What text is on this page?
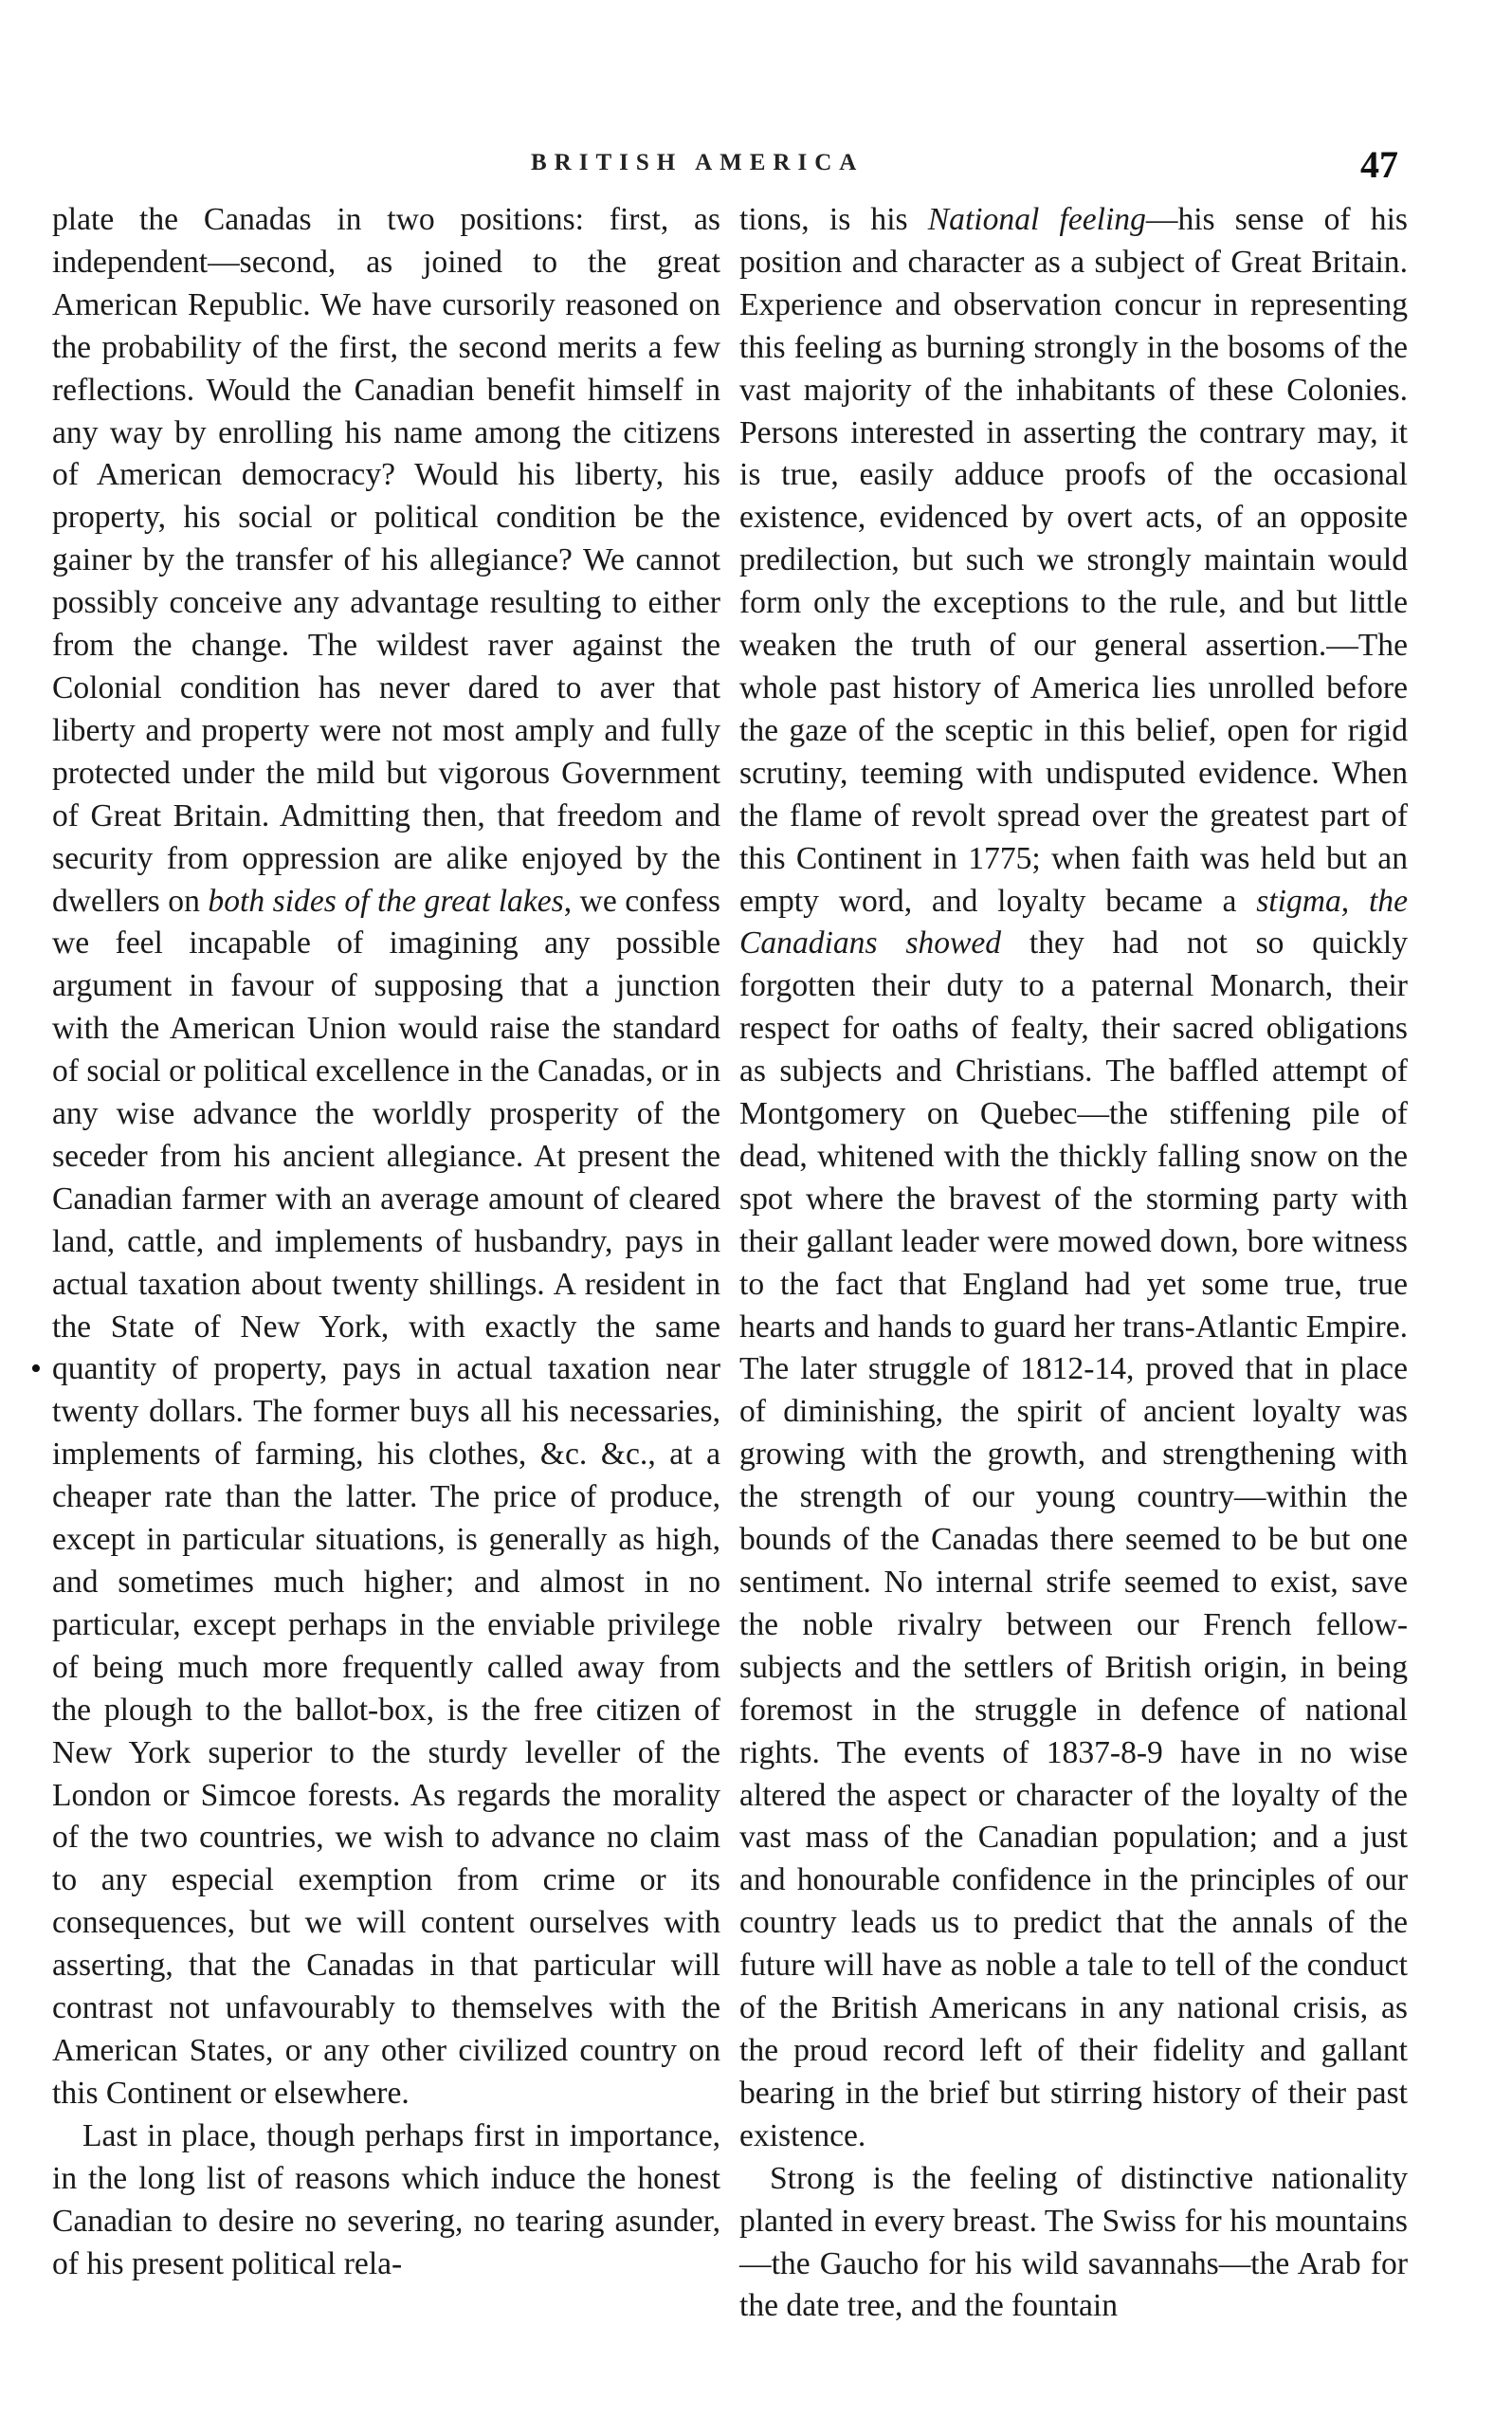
BRITISH AMERICA	47
•

plate the Canadas in two positions: first, as independent—second, as joined to the great American Republic. We have cursorily reasoned on the probability of the first, the second merits a few reflections. Would the Canadian benefit himself in any way by enrolling his name among the citizens of American democracy? Would his liberty, his property, his social or political condition be the gainer by the transfer of his allegiance? We cannot possibly conceive any advantage resulting to either from the change. The wildest raver against the Colonial condition has never dared to aver that liberty and property were not most amply and fully protected under the mild but vigorous Government of Great Britain. Admitting then, that freedom and security from oppression are alike enjoyed by the dwellers on both sides of the great lakes, we confess we feel incapable of imagining any possible argument in favour of supposing that a junction with the American Union would raise the standard of social or political excellence in the Canadas, or in any wise advance the worldly prosperity of the seceder from his ancient allegiance. At present the Canadian farmer with an average amount of cleared land, cattle, and implements of husbandry, pays in actual taxation about twenty shillings. A resident in the State of New York, with exactly the same quantity of property, pays in actual taxation near twenty dollars. The former buys all his necessaries, implements of farming, his clothes, &c. &c., at a cheaper rate than the latter. The price of produce, except in particular situations, is generally as high, and sometimes much higher; and almost in no particular, except perhaps in the enviable privilege of being much more frequently called away from the plough to the ballot-box, is the free citizen of New York superior to the sturdy leveller of the London or Simcoe forests. As regards the morality of the two countries, we wish to advance no claim to any especial exemption from crime or its consequences, but we will content ourselves with asserting, that the Canadas in that particular will contrast not unfavourably to themselves with the American States, or any other civilized country on this Continent or elsewhere.

Last in place, though perhaps first in importance, in the long list of reasons which induce the honest Canadian to desire no severing, no tearing asunder, of his present political rela-

tions, is his National feeling—his sense of his position and character as a subject of Great Britain. Experience and observation concur in representing this feeling as burning strongly in the bosoms of the vast majority of the inhabitants of these Colonies. Persons interested in asserting the contrary may, it is true, easily adduce proofs of the occasional existence, evidenced by overt acts, of an opposite predilection, but such we strongly maintain would form only the exceptions to the rule, and but little weaken the truth of our general assertion.—The whole past history of America lies unrolled before the gaze of the sceptic in this belief, open for rigid scrutiny, teeming with undisputed evidence. When the flame of revolt spread over the greatest part of this Continent in 1775; when faith was held but an empty word, and loyalty became a stigma, the Canadians showed they had not so quickly forgotten their duty to a paternal Monarch, their respect for oaths of fealty, their sacred obligations as subjects and Christians. The baffled attempt of Montgomery on Quebec—the stiffening pile of dead, whitened with the thickly falling snow on the spot where the bravest of the storming party with their gallant leader were mowed down, bore witness to the fact that England had yet some true, true hearts and hands to guard her trans-Atlantic Empire. The later struggle of 1812-14, proved that in place of diminishing, the spirit of ancient loyalty was growing with the growth, and strengthening with the strength of our young country—within the bounds of the Canadas there seemed to be but one sentiment. No internal strife seemed to exist, save the noble rivalry between our French fellow-subjects and the settlers of British origin, in being foremost in the struggle in defence of national rights. The events of 1837-8-9 have in no wise altered the aspect or character of the loyalty of the vast mass of the Canadian population; and a just and honourable confidence in the principles of our country leads us to predict that the annals of the future will have as noble a tale to tell of the conduct of the British Americans in any national crisis, as the proud record left of their fidelity and gallant bearing in the brief but stirring history of their past existence.

Strong is the feeling of distinctive nationality planted in every breast. The Swiss for his mountains—the Gaucho for his wild savannahs—the Arab for the date tree, and the fountain
